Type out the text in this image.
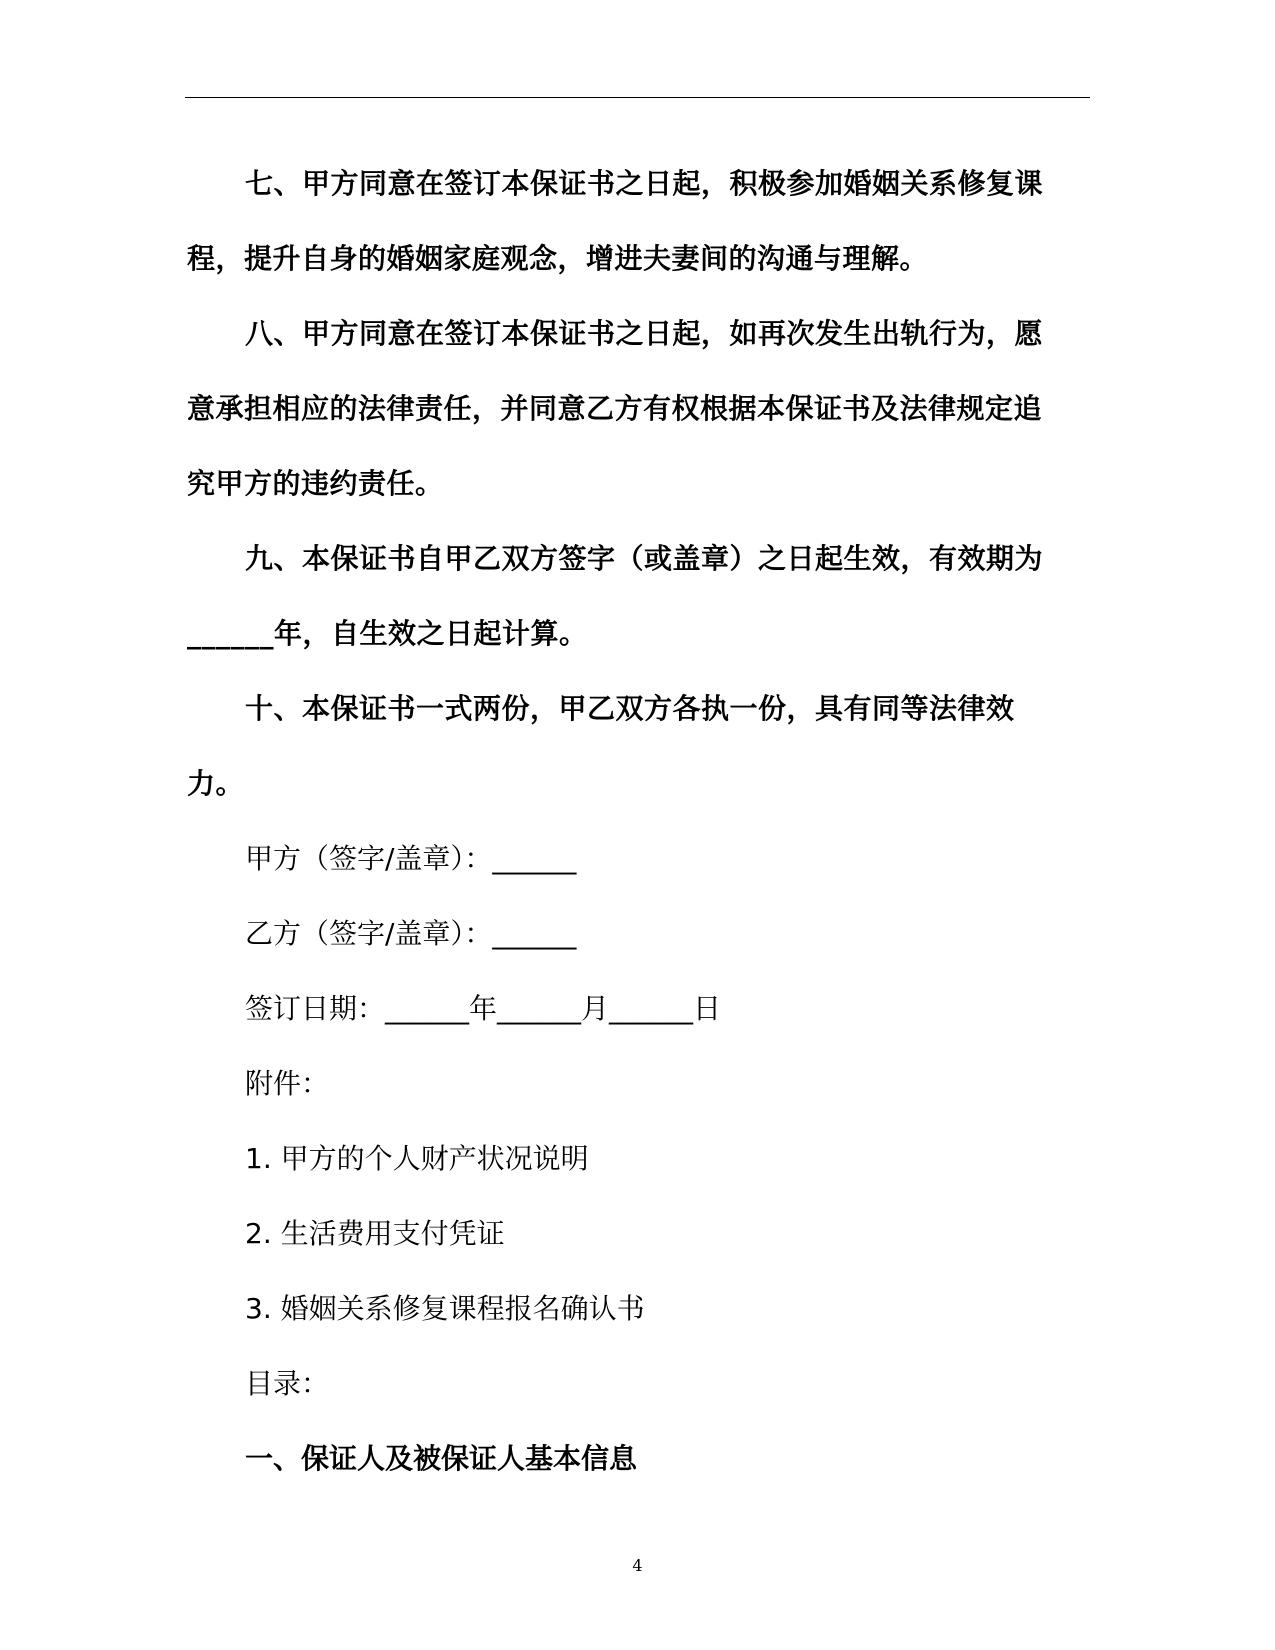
七、甲方同意在签订本保证书之日起，积极参加婚姻关系修复课程，提升自身的婚姻家庭观念，增进夫妻间的沟通与理解。

八、甲方同意在签订本保证书之日起，如再次发生出轨行为，愿意承担相应的法律责任，并同意乙方有权根据本保证书及法律规定追究甲方的违约责任。

九、本保证书自甲乙双方签字（或盖章）之日起生效，有效期为______年，自生效之日起计算。

十、本保证书一式两份，甲乙双方各执一份，具有同等法律效力。

甲方（签字/盖章）：______

乙方（签字/盖章）：______

签订日期：______年______月______日

附件：

1. 甲方的个人财产状况说明

2. 生活费用支付凭证

3. 婚姻关系修复课程报名确认书

目录：

一、保证人及被保证人基本信息

4
